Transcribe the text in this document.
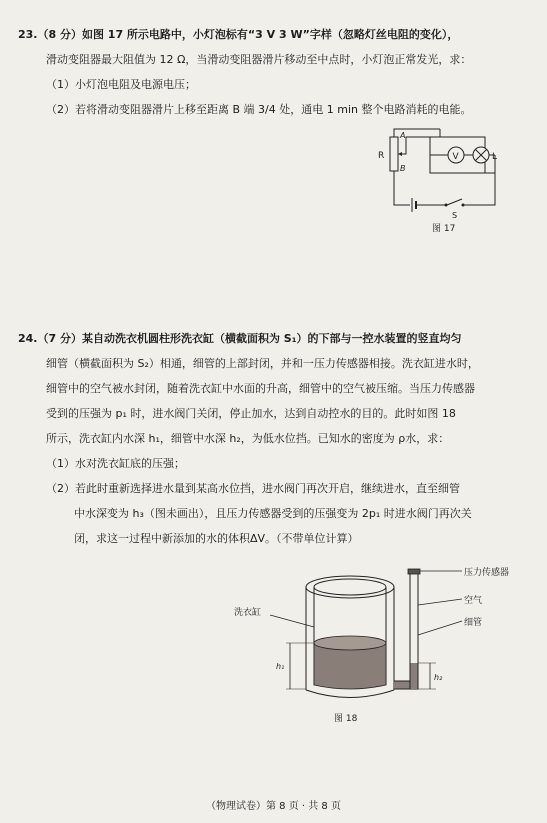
23.（8 分）如图 17 所示电路中，小灯泡标有“3 V 3 W”字样（忽略灯丝电阻的变化），
滑动变阻器最大阻值为 12 Ω，当滑动变阻器滑片移动至中点时，小灯泡正常发光，求：
（1）小灯泡电阻及电源电压；
（2）若将滑动变阻器滑片上移至距离 B 端 3/4 处，通电 1 min 整个电路消耗的电能。

R
A
B
V	L
S
图 17
24.（7 分）某自动洗衣机圆柱形洗衣缸（横截面积为 S₁）的下部与一控水装置的竖直均匀
细管（横截面积为 S₂）相通，细管的上部封闭，并和一压力传感器相接。洗衣缸进水时，
细管中的空气被水封闭，随着洗衣缸中水面的升高，细管中的空气被压缩。当压力传感器
受到的压强为 p₁ 时，进水阀门关闭，停止加水，达到自动控水的目的。此时如图 18
所示，洗衣缸内水深 h₁，细管中水深 h₂，为低水位挡。已知水的密度为 ρ水，求：
（1）水对洗衣缸底的压强；
（2）若此时重新选择进水量到某高水位挡，进水阀门再次开启，继续进水，直至细管
中水深变为 h₃（图未画出），且压力传感器受到的压强变为 2p₁ 时进水阀门再次关
闭，求这一过程中新添加的水的体积ΔV。（不带单位计算）
压力传感器
空气
细管
洗衣缸
h₁
h₂
图 18
（物理试卷）第 8 页 · 共 8 页
